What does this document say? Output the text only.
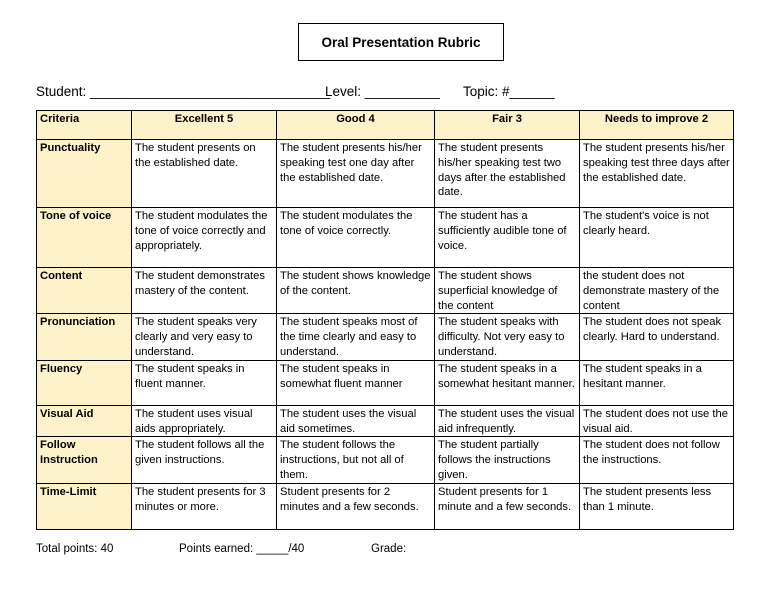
Oral Presentation Rubric
Student: ________________________________
Level: __________ Topic: #______
Criteria	Excellent 5	Good 4	Fair 3	Needs to improve 2
Punctuality	The student presents on the established date.	The student presents his/her speaking test one day after the established date.	The student presents his/her speaking test two days after the established date.	The student presents his/her speaking test three days after the established date.
Tone of voice	The student modulates the tone of voice correctly and appropriately.	The student modulates the tone of voice correctly.	The student has a sufficiently audible tone of voice.	The student's voice is not clearly heard.
Content	The student demonstrates mastery of the content.	The student shows knowledge of the content.	The student shows superficial knowledge of the content	the student does not demonstrate mastery of the content
Pronunciation	The student speaks very clearly and very easy to understand.	The student speaks most of the time clearly and easy to understand.	The student speaks with difficulty. Not very easy to understand.	The student does not speak clearly. Hard to understand.
Fluency	The student speaks in fluent manner.	The student speaks in somewhat fluent manner	The student speaks in a somewhat hesitant manner.	The student speaks in a hesitant manner.
Visual Aid	The student uses visual aids appropriately.	The student uses the visual aid sometimes.	The student uses the visual aid infrequently.	The student does not use the visual aid.
Follow Instruction	The student follows all the given instructions.	The student follows the instructions, but not all of them.	The student partially follows the instructions given.	The student does not follow the instructions.
Time-Limit	The student presents for 3 minutes or more.	Student presents for 2 minutes and a few seconds.	Student presents for 1 minute and a few seconds.	The student presents less than 1 minute.
Total points: 40	Points earned: _____/40	Grade:
